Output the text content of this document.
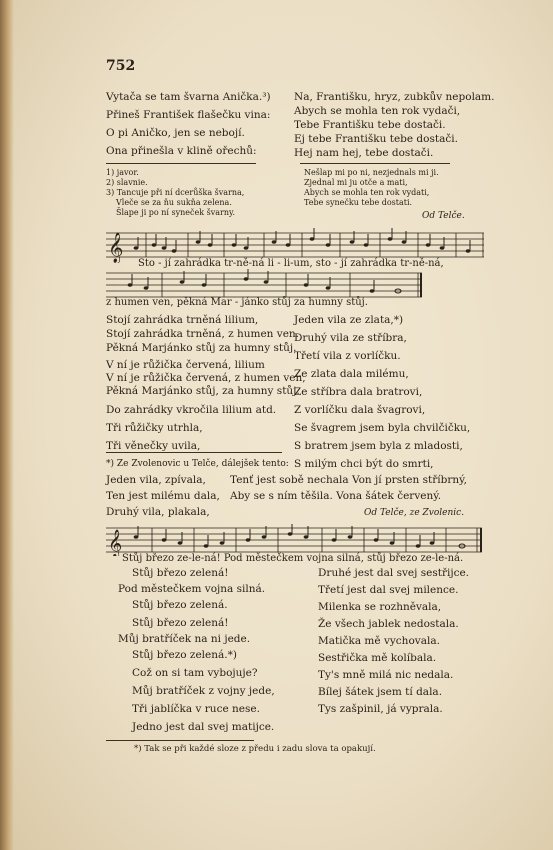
752
Vytača se tam švarna Anička.³)
Přineš František flašečku vina:
O pi Aničko, jen se nebojí.
Ona přinešla v klině ořechů:
Na, Františku, hryz, zubkův nepolam.
Abych se mohla ten rok vydači,
Tebe Františku tebe dostači.
Ej tebe Františku tebe dostači.
Hej nam hej, tebe dostači.
1) javor.
2) slavnie.
3) Tancuje při ní dcerůška švarna,
Vleče se za ňu sukňa zelena.
Šlape ji po ní syneček švarny.
Nešlap mi po ni, nezjednals mi ji.
Zjednal mi ju otče a mati,
Abych se mohla ten rok vydati,
Tebe synečku tebe dostati.
Od Telče.
𝄞
Sto - jí zahrádka tr-ně-ná li - li-um, sto - jí zahrádka tr-ně-ná,
z humen ven, pěkná Mar - jánko stůj za humny stůj.
Stojí zahrádka trněná lilium,
Stojí zahrádka trněná, z humen ven.
Pěkná Marjánko stůj za humny stůj.
V ní je růžička červená, lilium
V ní je růžička červená, z humen ven,
Pěkná Marjánko stůj, za humny stůj.
Do zahrádky vkročila lilium atd.
Tři růžičky utrhla,
Tři věnečky uvila,
Jeden vila ze zlata,*)
Druhý vila ze stříbra,
Třetí vila z vorlíčku.
Ze zlata dala milému,
Ze stříbra dala bratrovi,
Z vorlíčku dala švagrovi,
Se švagrem jsem byla chvilčičku,
S bratrem jsem byla z mladosti,
S milým chci být do smrti,
*) Ze Zvolenovic u Telče, dálejšek tento:
Jeden vila, zpívala,
Ten jest milému dala,
Druhý vila, plakala,
Tenť jest sobě nechala Von jí prsten stříbrný,
Aby se s ním těšila. Vona šátek červený.
Od Telče, ze Zvolenic.
𝄞
Stůj březo ze-le-ná! Pod městečkem vojna silná, stůj březo ze-le-ná.
Stůj březo zelená!
Pod městečkem vojna silná.
Stůj březo zelená.
Stůj březo zelená!
Můj bratříček na ni jede.
Stůj březo zelená.*)
Což on si tam vybojuje?
Můj bratříček z vojny jede,
Tři jablíčka v ruce nese.
Jedno jest dal svej matijce.
Druhé jest dal svej sestřijce.
Třetí jest dal svej milence.
Milenka se rozhněvala,
Že všech jablek nedostala.
Matička mě vychovala.
Sestřička mě kolíbala.
Ty's mně milá nic nedala.
Bílej šátek jsem tí dala.
Tys zašpinil, já vyprala.
*) Tak se při každé sloze z předu i zadu slova ta opakují.
